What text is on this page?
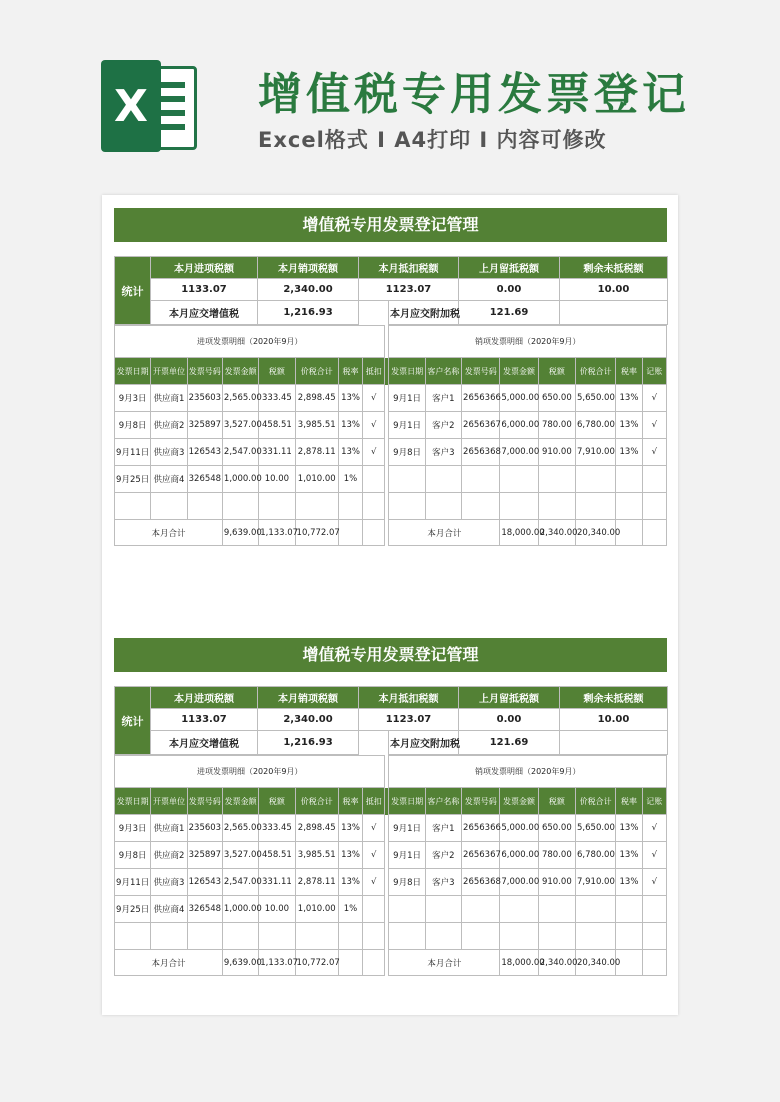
X	增值税专用发票登记
Excel格式 I A4打印 I 内容可修改
增值税专用发票登记管理
统计	本月进项税额	本月销项税额	本月抵扣税额		上月留抵税额	剩余未抵税额
	1133.07	2,340.00	1123.07		0.00	10.00
	本月应交增值税	1,216.93		本月应交附加税	121.69	
进项发票明细（2020年9月）									销项发票明细（2020年9月）							
发票日期	开票单位	发票号码	发票金额	税额	价税合计	税率	抵扣		发票日期	客户名称	发票号码	发票金额	税额	价税合计	税率	记账
9月3日	供应商1	235603	2,565.00	333.45	2,898.45	13%	√		9月1日	客户1	2656366	5,000.00	650.00	5,650.00	13%	√
9月8日	供应商2	325897	3,527.00	458.51	3,985.51	13%	√		9月1日	客户2	2656367	6,000.00	780.00	6,780.00	13%	√
9月11日	供应商3	126543	2,547.00	331.11	2,878.11	13%	√		9月8日	客户3	2656368	7,000.00	910.00	7,910.00	13%	√
9月25日	供应商4	326548	1,000.00	10.00	1,010.00	1%										

本月合计			9,639.00	1,133.07	10,772.07				本月合计			18,000.00	2,340.00	20,340.00		
增值税专用发票登记管理
统计	本月进项税额	本月销项税额	本月抵扣税额		上月留抵税额	剩余未抵税额
	1133.07	2,340.00	1123.07		0.00	10.00
	本月应交增值税	1,216.93		本月应交附加税	121.69	
进项发票明细（2020年9月）									销项发票明细（2020年9月）							
发票日期	开票单位	发票号码	发票金额	税额	价税合计	税率	抵扣		发票日期	客户名称	发票号码	发票金额	税额	价税合计	税率	记账
9月3日	供应商1	235603	2,565.00	333.45	2,898.45	13%	√		9月1日	客户1	2656366	5,000.00	650.00	5,650.00	13%	√
9月8日	供应商2	325897	3,527.00	458.51	3,985.51	13%	√		9月1日	客户2	2656367	6,000.00	780.00	6,780.00	13%	√
9月11日	供应商3	126543	2,547.00	331.11	2,878.11	13%	√		9月8日	客户3	2656368	7,000.00	910.00	7,910.00	13%	√
9月25日	供应商4	326548	1,000.00	10.00	1,010.00	1%										

本月合计			9,639.00	1,133.07	10,772.07				本月合计			18,000.00	2,340.00	20,340.00		
